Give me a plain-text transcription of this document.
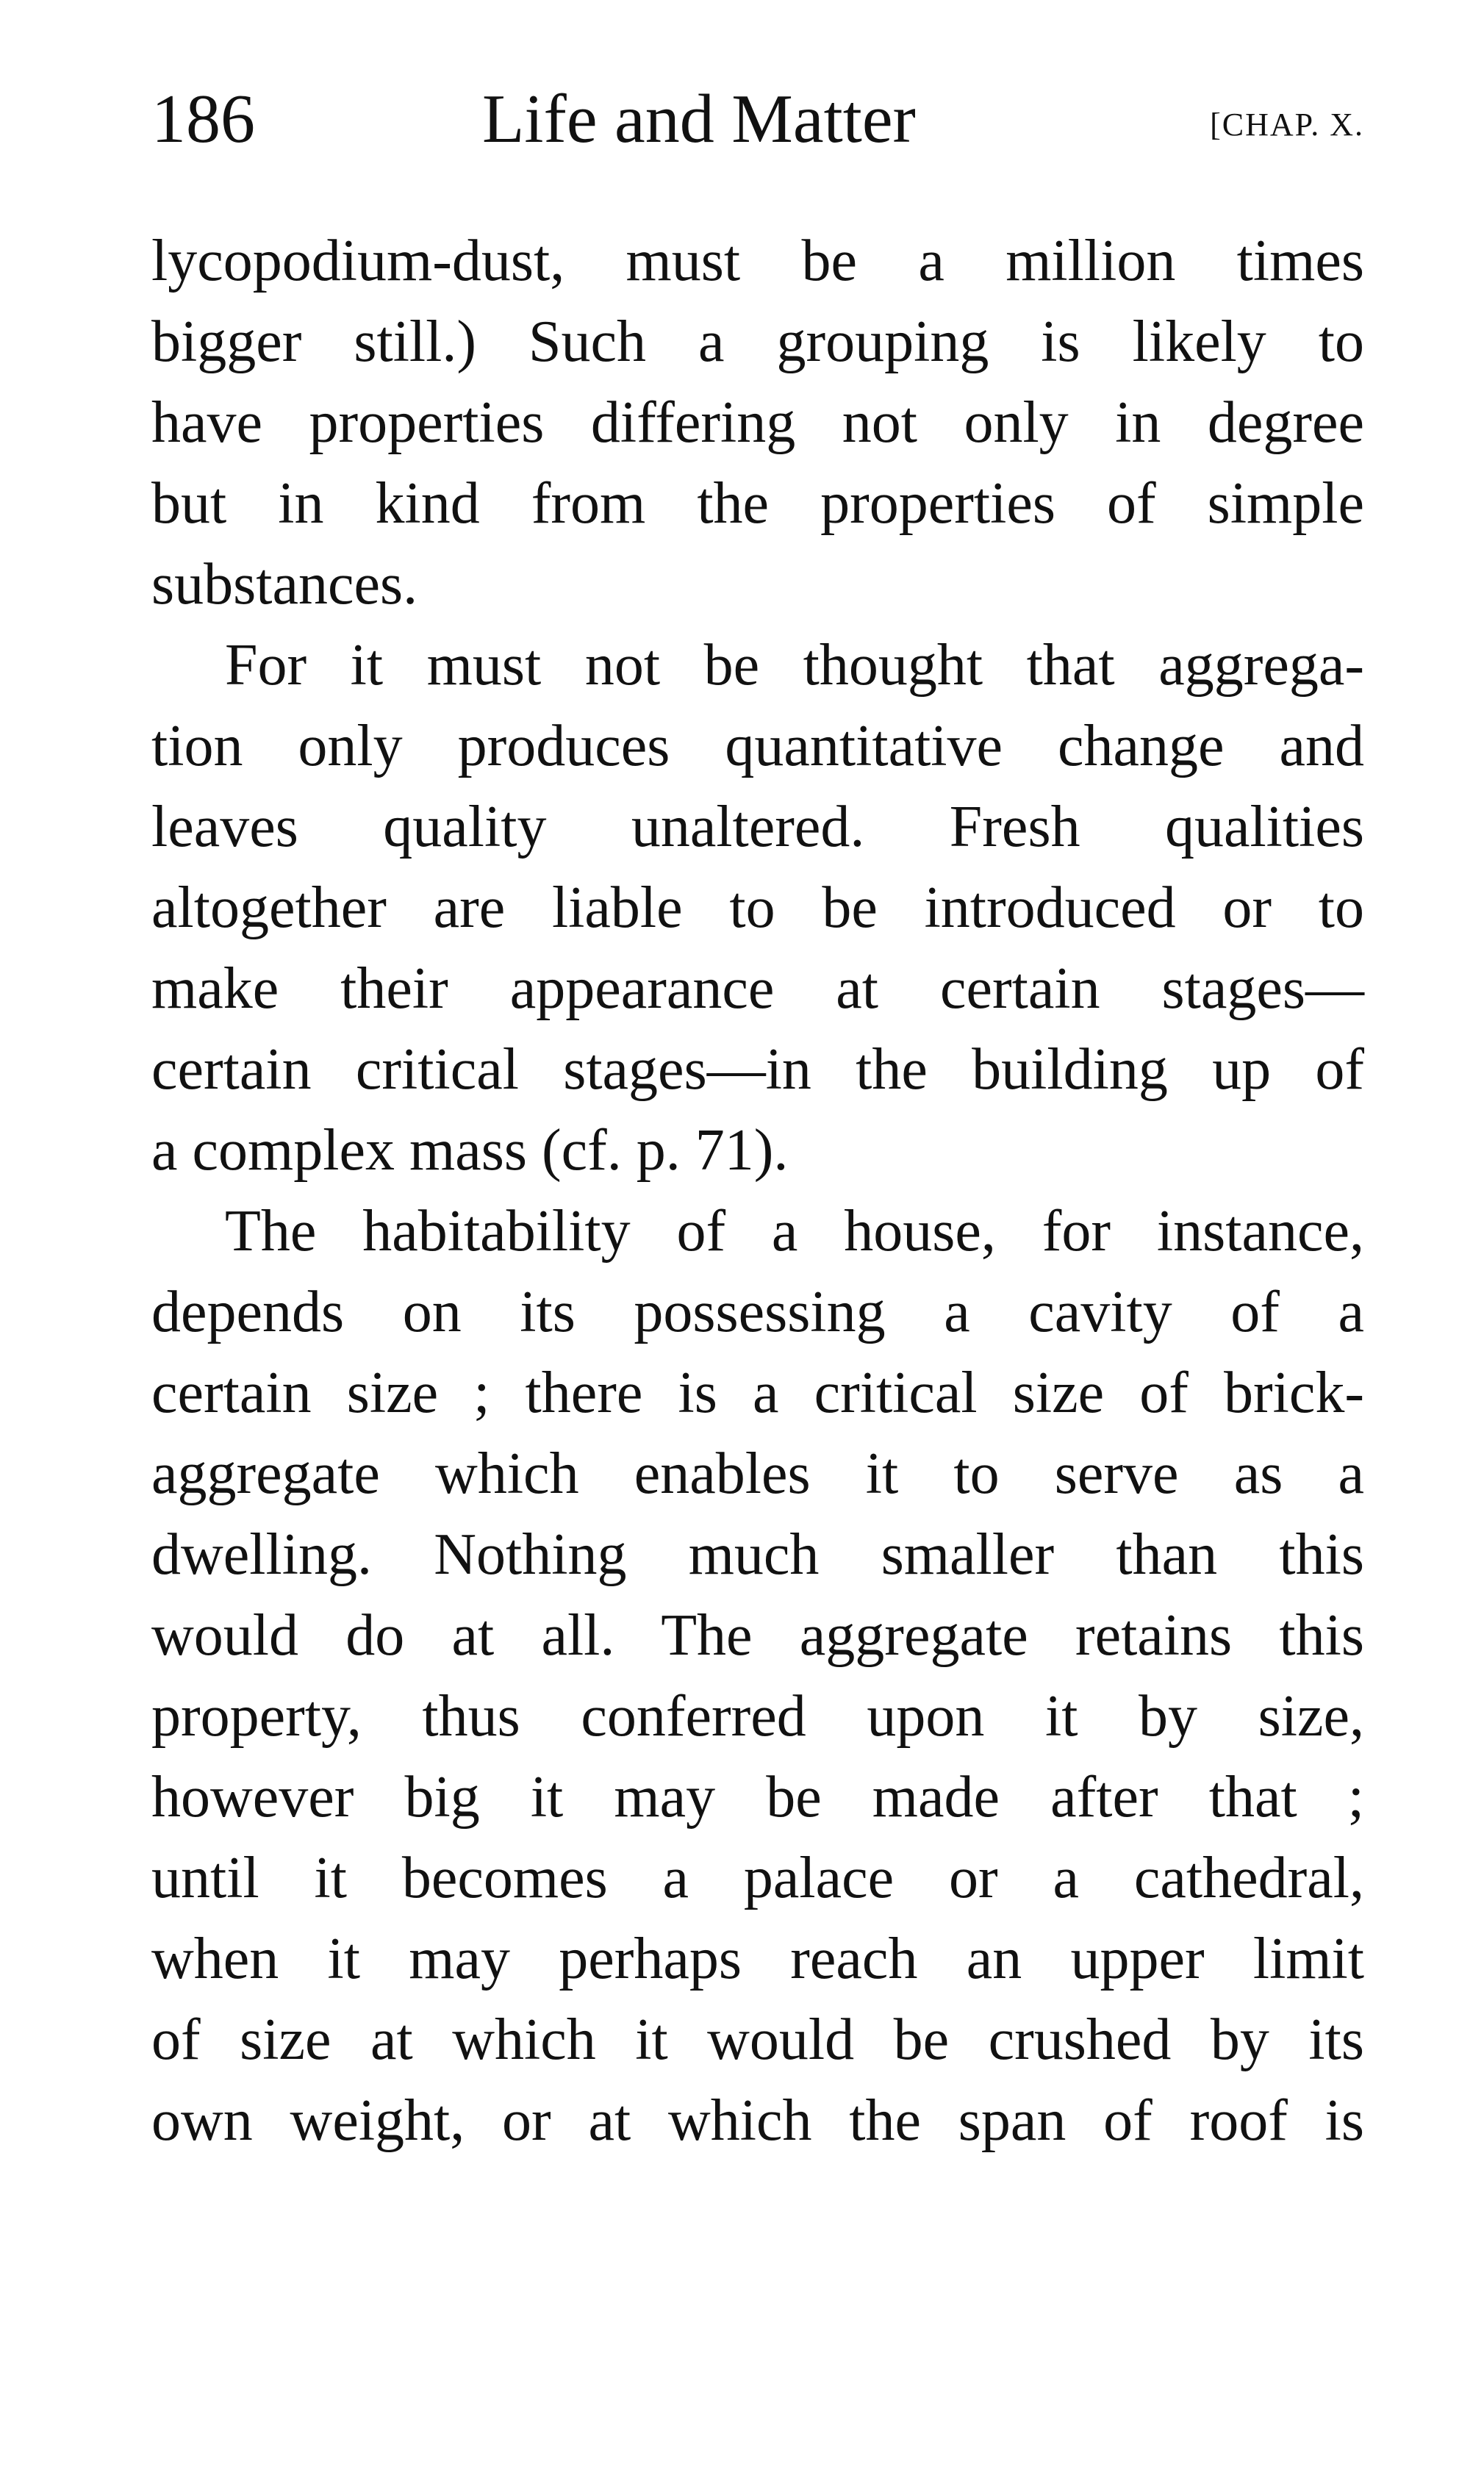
186	Life and Matter	[CHAP. X.
lycopodium-dust, must be a million times
bigger still.) Such a grouping is likely to
have properties differing not only in degree
but in kind from the properties of simple
substances.
For it must not be thought that aggrega-
tion only produces quantitative change and
leaves quality unaltered. Fresh qualities
altogether are liable to be introduced or to
make their appearance at certain stages—
certain critical stages—in the building up of
a complex mass (cf. p. 71).
The habitability of a house, for instance,
depends on its possessing a cavity of a
certain size ; there is a critical size of brick-
aggregate which enables it to serve as a
dwelling. Nothing much smaller than this
would do at all. The aggregate retains this
property, thus conferred upon it by size,
however big it may be made after that ;
until it becomes a palace or a cathedral,
when it may perhaps reach an upper limit
of size at which it would be crushed by its
own weight, or at which the span of roof is
